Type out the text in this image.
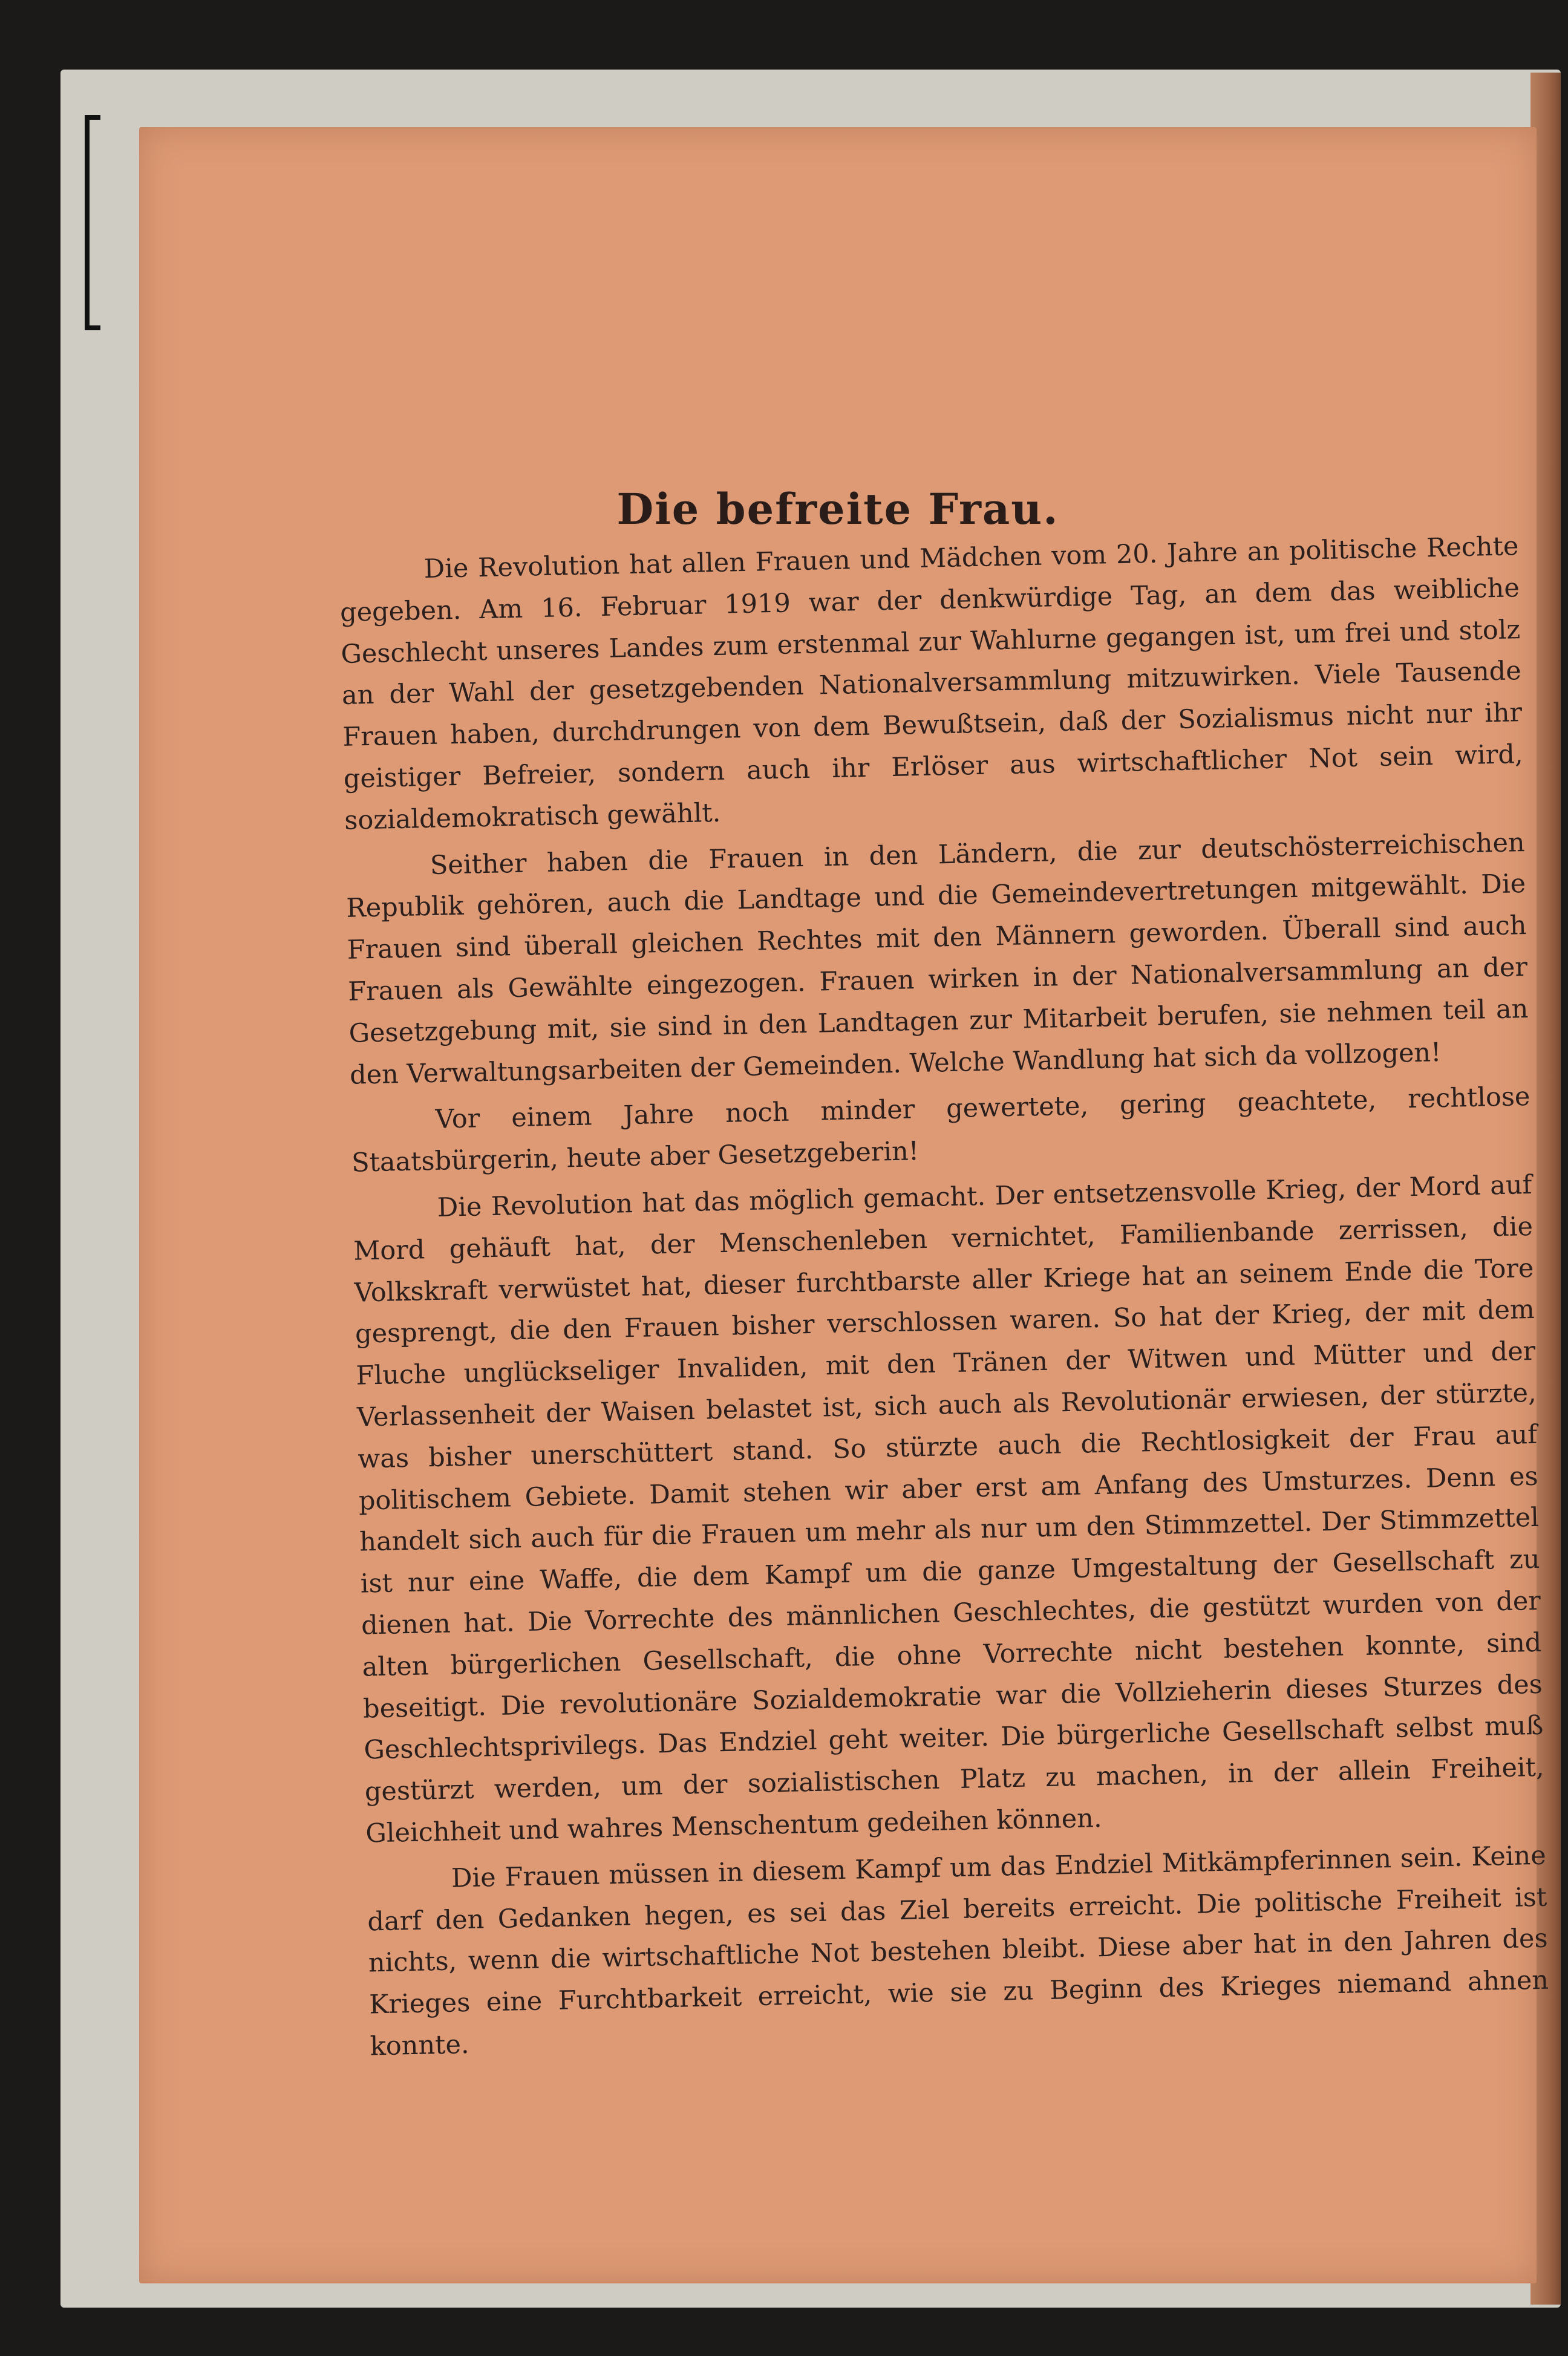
Die befreite Frau.

Die Revolution hat allen Frauen und Mädchen vom 20. Jahre an politische Rechte gegeben. Am 16. Februar 1919 war der denkwürdige Tag, an dem das weibliche Geschlecht unseres Landes zum erstenmal zur Wahlurne gegangen ist, um frei und stolz an der Wahl der gesetzgebenden Nationalversammlung mitzuwirken. Viele Tausende Frauen haben, durchdrungen von dem Bewußtsein, daß der Sozialismus nicht nur ihr geistiger Befreier, sondern auch ihr Erlöser aus wirtschaftlicher Not sein wird, sozialdemokratisch gewählt.

Seither haben die Frauen in den Ländern, die zur deutschösterreichischen Republik gehören, auch die Landtage und die Gemeindevertretungen mitgewählt. Die Frauen sind überall gleichen Rechtes mit den Männern geworden. Überall sind auch Frauen als Gewählte eingezogen. Frauen wirken in der Nationalversammlung an der Gesetzgebung mit, sie sind in den Landtagen zur Mitarbeit berufen, sie nehmen teil an den Verwaltungsarbeiten der Gemeinden. Welche Wandlung hat sich da vollzogen!

Vor einem Jahre noch minder gewertete, gering geachtete, rechtlose Staatsbürgerin, heute aber Gesetzgeberin!

Die Revolution hat das möglich gemacht. Der entsetzensvolle Krieg, der Mord auf Mord gehäuft hat, der Menschenleben vernichtet, Familienbande zerrissen, die Volkskraft verwüstet hat, dieser furchtbarste aller Kriege hat an seinem Ende die Tore gesprengt, die den Frauen bisher verschlossen waren. So hat der Krieg, der mit dem Fluche unglückseliger Invaliden, mit den Tränen der Witwen und Mütter und der Verlassenheit der Waisen belastet ist, sich auch als Revolutionär erwiesen, der stürzte, was bisher unerschüttert stand. So stürzte auch die Rechtlosigkeit der Frau auf politischem Gebiete. Damit stehen wir aber erst am Anfang des Umsturzes. Denn es handelt sich auch für die Frauen um mehr als nur um den Stimmzettel. Der Stimmzettel ist nur eine Waffe, die dem Kampf um die ganze Umgestaltung der Gesellschaft zu dienen hat. Die Vorrechte des männlichen Geschlechtes, die gestützt wurden von der alten bürgerlichen Gesellschaft, die ohne Vorrechte nicht bestehen konnte, sind beseitigt. Die revolutionäre Sozialdemokratie war die Vollzieherin dieses Sturzes des Geschlechtsprivilegs. Das Endziel geht weiter. Die bürgerliche Gesellschaft selbst muß gestürzt werden, um der sozialistischen Platz zu machen, in der allein Freiheit, Gleichheit und wahres Menschentum gedeihen können.

Die Frauen müssen in diesem Kampf um das Endziel Mitkämpferinnen sein. Keine darf den Gedanken hegen, es sei das Ziel bereits erreicht. Die politische Freiheit ist nichts, wenn die wirtschaftliche Not bestehen bleibt. Diese aber hat in den Jahren des Krieges eine Furchtbarkeit erreicht, wie sie zu Beginn des Krieges niemand ahnen konnte.
